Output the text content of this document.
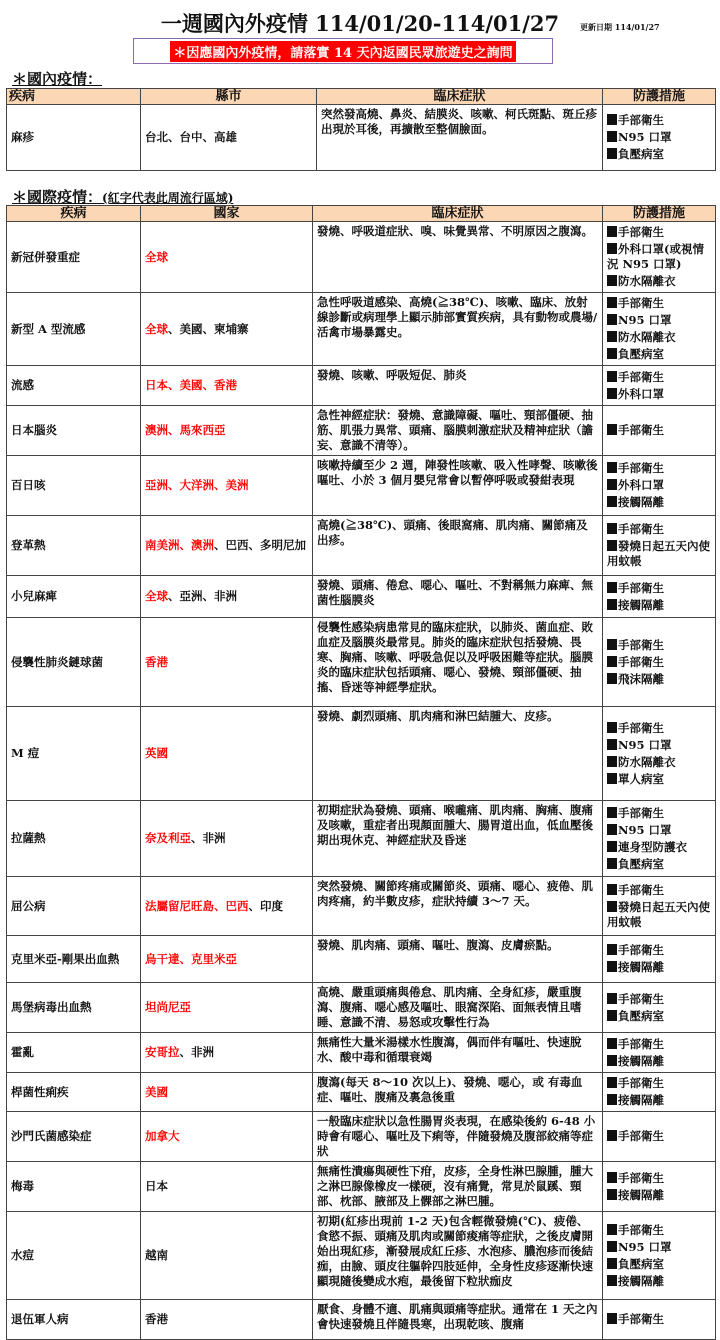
一週國內外疫情 114/01/20-114/01/27	更新日期 114/01/27
＊因應國內外疫情，請落實 14 天內返國民眾旅遊史之詢問
＊國內疫情：
疾病	縣市	臨床症狀	防護措施
麻疹	台北、台中、高雄	突然發高燒、鼻炎、結膜炎、咳嗽、柯氏斑點、斑丘疹出現於耳後，再擴散至整個臉面。	手部衛生
N95 口罩
負壓病室
＊國際疫情：(紅字代表此周流行區域)
疾病	國家	臨床症狀	防護措施
新冠併發重症	全球	發燒、呼吸道症狀、嗅、味覺異常、不明原因之腹瀉。	手部衛生
外科口罩(或視情況 N95 口罩)
防水隔離衣

新型 A 型流感	全球、美國、柬埔寨	急性呼吸道感染、高燒(≧38℃)、咳嗽、臨床、放射線診斷或病理學上顯示肺部實質疾病，具有動物或農場/活禽市場暴露史。	手部衛生
N95 口罩
防水隔離衣
負壓病室

流感	日本、美國、香港	發燒、咳嗽、呼吸短促、肺炎	手部衛生
外科口罩

日本腦炎	澳洲、馬來西亞	急性神經症狀：發燒、意識障礙、嘔吐、頸部僵硬、抽筋、肌張力異常、頭痛、腦膜刺激症狀及精神症狀（譫妄、意識不清等）。	手部衛生

百日咳	亞洲、大洋洲、美洲	咳嗽持續至少 2 週，陣發性咳嗽、吸入性哮聲、咳嗽後嘔吐、小於 3 個月嬰兒常會以暫停呼吸或發紺表現	手部衛生
外科口罩
接觸隔離

登革熱	南美洲、澳洲、巴西、多明尼加	高燒(≧38℃)、頭痛、後眼窩痛、肌肉痛、關節痛及出疹。	手部衛生
發燒日起五天內使用蚊帳

小兒麻痺	全球、亞洲、非洲	發燒、頭痛、倦怠、噁心、嘔吐、不對稱無力麻痺、無菌性腦膜炎	手部衛生
接觸隔離

侵襲性肺炎鏈球菌	香港	侵襲性感染病患常見的臨床症狀，以肺炎、菌血症、敗血症及腦膜炎最常見。肺炎的臨床症狀包括發燒、畏寒、胸痛、咳嗽、呼吸急促以及呼吸困難等症狀。腦膜炎的臨床症狀包括頭痛、噁心、發燒、頸部僵硬、抽搐、昏迷等神經學症狀。	手部衛生
手部衛生
飛沫隔離

M 痘	英國	發燒、劇烈頭痛、肌肉痛和淋巴結腫大、皮疹。	手部衛生
N95 口罩
防水隔離衣
單人病室

拉薩熱	奈及利亞、非洲	初期症狀為發燒、頭痛、喉嚨痛、肌肉痛、胸痛、腹痛及咳嗽，重症者出現顏面腫大、腸胃道出血，低血壓後期出現休克、神經症狀及昏迷	手部衛生
N95 口罩
連身型防護衣
負壓病室

屈公病	法屬留尼旺島、巴西、印度	突然發燒、關節疼痛或關節炎、頭痛、噁心、疲倦、肌肉疼痛，約半數皮疹，症狀持續 3～7 天。	手部衛生
發燒日起五天內使用蚊帳

克里米亞-剛果出血熱	烏干達、克里米亞	發燒、肌肉痛、頭痛、嘔吐、腹瀉、皮膚瘀點。	手部衛生
接觸隔離

馬堡病毒出血熱	坦尚尼亞	高燒、嚴重頭痛與倦怠、肌肉痛、全身紅疹，嚴重腹瀉、腹痛、噁心感及嘔吐、眼窩深陷、面無表情且嗜睡、意識不清、易怒或攻擊性行為	手部衛生
負壓病室

霍亂	安哥拉、非洲	無痛性大量米湯樣水性腹瀉，偶而伴有嘔吐、快速脫水、酸中毒和循環衰竭	手部衛生
接觸隔離

桿菌性痢疾	美國	腹瀉(每天 8～10 次以上)、發燒、噁心，或 有毒血症、嘔吐、腹痛及裏急後重	手部衛生
接觸隔離

沙門氏菌感染症	加拿大	一般臨床症狀以急性腸胃炎表現，在感染後約 6-48 小時會有噁心、嘔吐及下痢等，伴隨發燒及腹部絞痛等症狀	手部衛生

梅毒	日本	無痛性潰瘍與硬性下疳，皮疹，全身性淋巴腺腫，腫大之淋巴腺像橡皮一樣硬，沒有痛覺，常見於鼠蹊、頸部、枕部、腋部及上髁部之淋巴腫。	手部衛生
接觸隔離

水痘	越南	初期(紅疹出現前 1-2 天)包含輕微發燒(℃)、疲倦、食慾不振、頭痛及肌肉或關節痠痛等症狀，之後皮膚開始出現紅疹，漸發展成紅丘疹、水泡疹、膿泡疹而後結痂，由臉、頭皮往軀幹四肢延伸，全身性皮疹逐漸快速顯現隨後變成水疱，最後留下粒狀痂皮	手部衛生
N95 口罩
負壓病室
接觸隔離

退伍軍人病	香港	厭食、身體不適、肌痛與頭痛等症狀。通常在 1 天之內會快速發燒且伴隨畏寒，出現乾咳、腹痛	手部衛生
